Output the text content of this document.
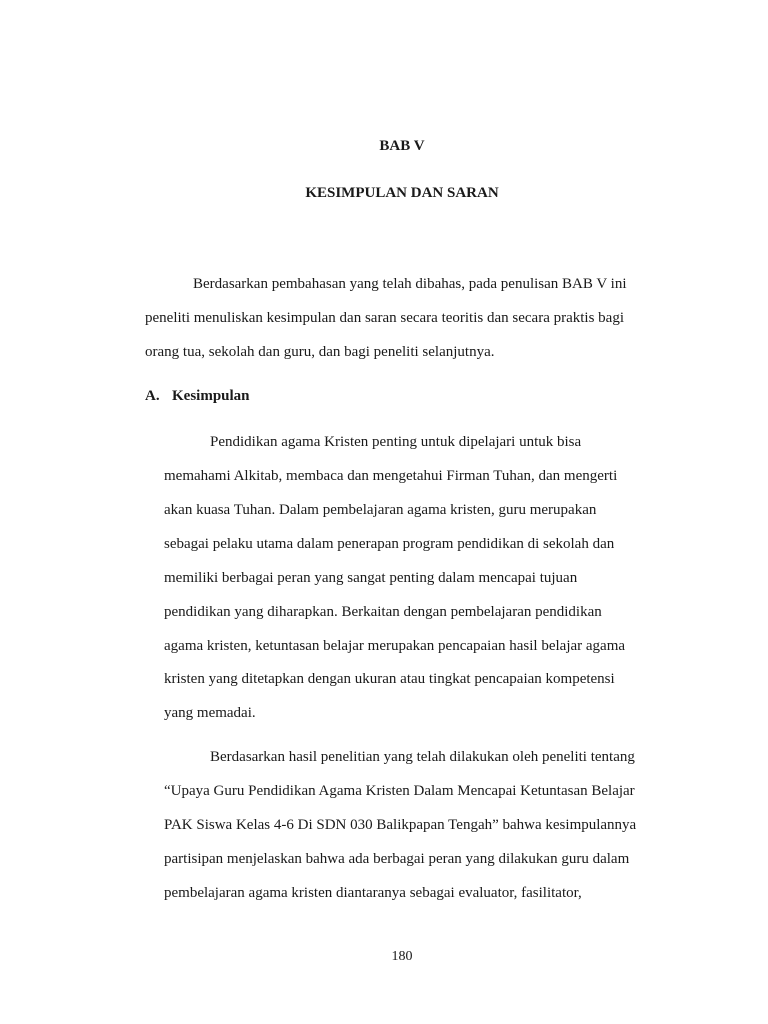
BAB V
KESIMPULAN DAN SARAN
Berdasarkan pembahasan yang telah dibahas, pada penulisan BAB V ini
peneliti menuliskan kesimpulan dan saran secara teoritis dan secara praktis bagi
orang tua, sekolah dan guru, dan bagi peneliti selanjutnya.
A. Kesimpulan
Pendidikan agama Kristen penting untuk dipelajari untuk bisa
memahami Alkitab, membaca dan mengetahui Firman Tuhan, dan mengerti
akan kuasa Tuhan. Dalam pembelajaran agama kristen, guru merupakan
sebagai pelaku utama dalam penerapan program pendidikan di sekolah dan
memiliki berbagai peran yang sangat penting dalam mencapai tujuan
pendidikan yang diharapkan. Berkaitan dengan pembelajaran pendidikan
agama kristen, ketuntasan belajar merupakan pencapaian hasil belajar agama
kristen yang ditetapkan dengan ukuran atau tingkat pencapaian kompetensi
yang memadai.
Berdasarkan hasil penelitian yang telah dilakukan oleh peneliti tentang
“Upaya Guru Pendidikan Agama Kristen Dalam Mencapai Ketuntasan Belajar
PAK Siswa Kelas 4-6 Di SDN 030 Balikpapan Tengah” bahwa kesimpulannya
partisipan menjelaskan bahwa ada berbagai peran yang dilakukan guru dalam
pembelajaran agama kristen diantaranya sebagai evaluator, fasilitator,
180
